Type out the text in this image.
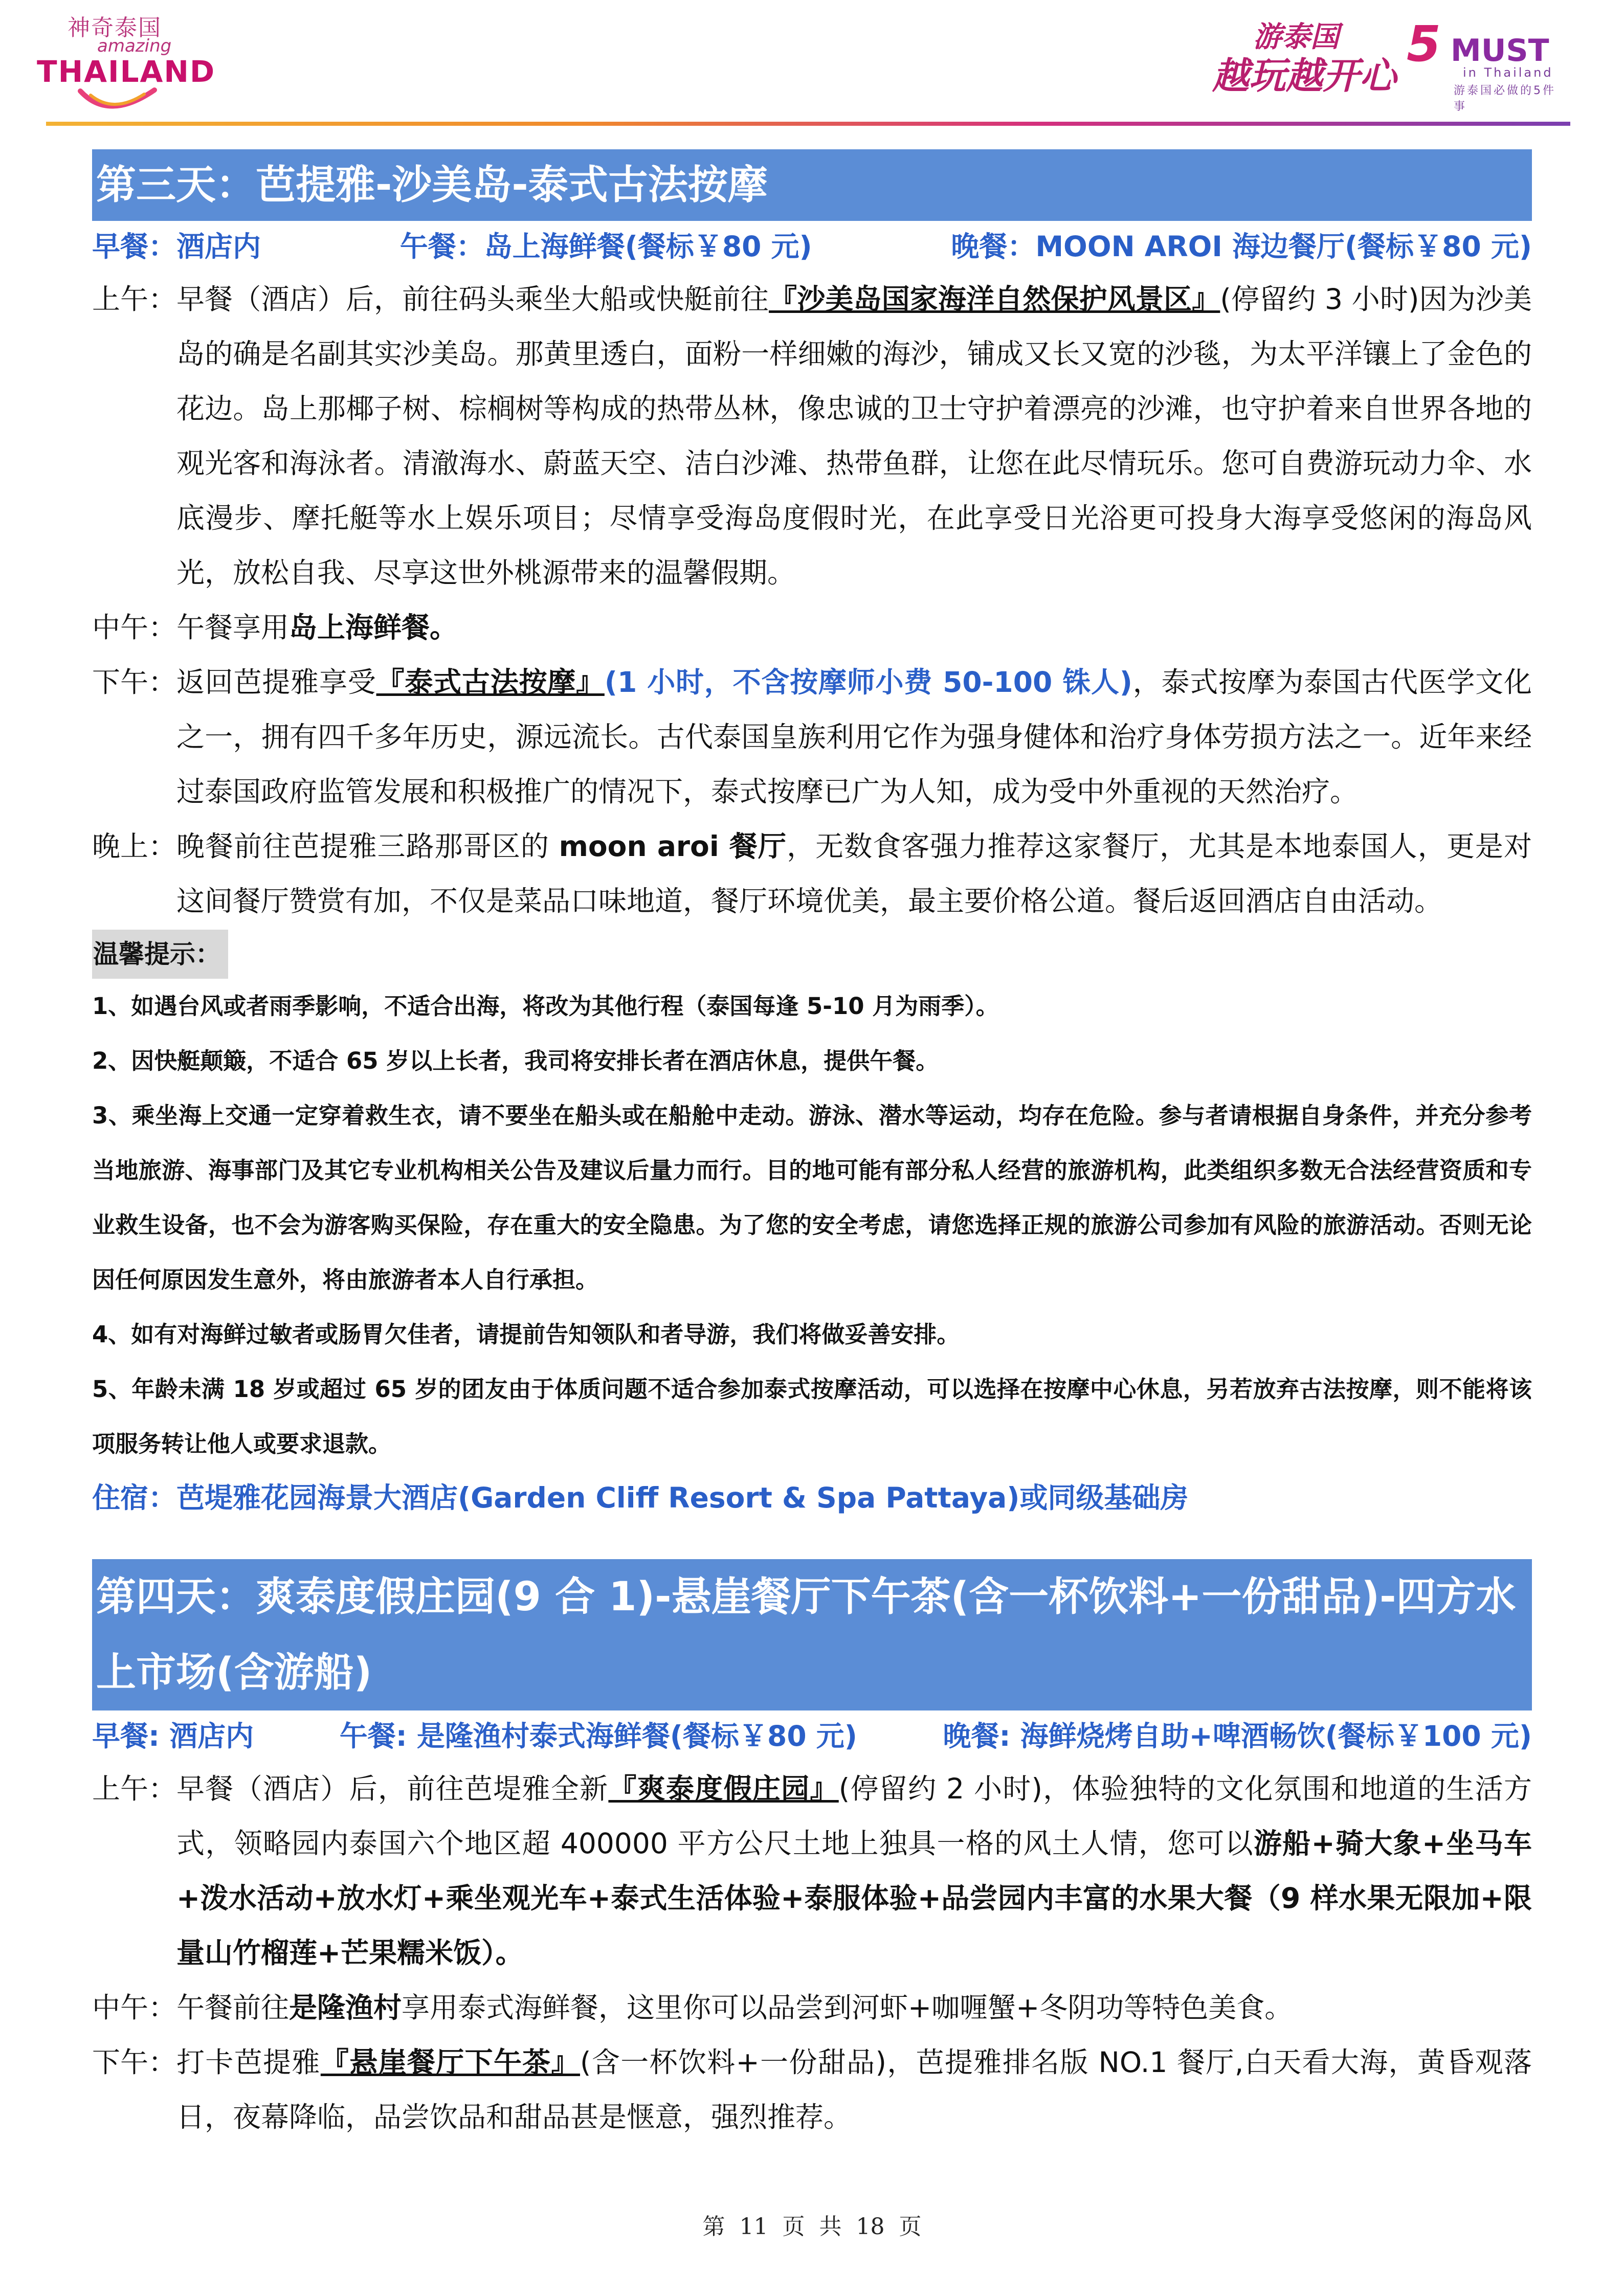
神奇泰国
amazing
THAILAND
游泰国
越玩越开心
5 MUST
in Thailand
游泰国必做的5件事
第三天：芭提雅-沙美岛-泰式古法按摩
早餐：酒店内	午餐：岛上海鲜餐(餐标￥80 元)	晚餐：MOON AROI 海边餐厅(餐标￥80 元)
上午： 早餐（酒店）后，前往码头乘坐大船或快艇前往『沙美岛国家海洋自然保护风景区』(停留约 3 小时)因为沙美岛的确是名副其实沙美岛。那黄里透白，面粉一样细嫩的海沙，铺成又长又宽的沙毯，为太平洋镶上了金色的花边。岛上那椰子树、棕榈树等构成的热带丛林，像忠诚的卫士守护着漂亮的沙滩，也守护着来自世界各地的观光客和海泳者。清澈海水、蔚蓝天空、洁白沙滩、热带鱼群，让您在此尽情玩乐。您可自费游玩动力伞、水底漫步、摩托艇等水上娱乐项目；尽情享受海岛度假时光，在此享受日光浴更可投身大海享受悠闲的海岛风光，放松自我、尽享这世外桃源带来的温馨假期。
中午： 午餐享用岛上海鲜餐。
下午： 返回芭提雅享受『泰式古法按摩』(1 小时，不含按摩师小费 50-100 铢人)，泰式按摩为泰国古代医学文化之一，拥有四千多年历史，源远流长。古代泰国皇族利用它作为强身健体和治疗身体劳损方法之一。近年来经过泰国政府监管发展和积极推广的情况下，泰式按摩已广为人知，成为受中外重视的天然治疗。
晚上： 晚餐前往芭提雅三路那哥区的 moon aroi 餐厅，无数食客强力推荐这家餐厅，尤其是本地泰国人，更是对这间餐厅赞赏有加，不仅是菜品口味地道，餐厅环境优美，最主要价格公道。餐后返回酒店自由活动。
温馨提示：
1、如遇台风或者雨季影响，不适合出海，将改为其他行程（泰国每逢 5-10 月为雨季）。
2、因快艇颠簸，不适合 65 岁以上长者，我司将安排长者在酒店休息，提供午餐。
3、乘坐海上交通一定穿着救生衣，请不要坐在船头或在船舱中走动。游泳、潜水等运动，均存在危险。参与者请根据自身条件，并充分参考当地旅游、海事部门及其它专业机构相关公告及建议后量力而行。目的地可能有部分私人经营的旅游机构，此类组织多数无合法经营资质和专业救生设备，也不会为游客购买保险，存在重大的安全隐患。为了您的安全考虑，请您选择正规的旅游公司参加有风险的旅游活动。否则无论因任何原因发生意外，将由旅游者本人自行承担。
4、如有对海鲜过敏者或肠胃欠佳者，请提前告知领队和者导游，我们将做妥善安排。
5、年龄未满 18 岁或超过 65 岁的团友由于体质问题不适合参加泰式按摩活动，可以选择在按摩中心休息，另若放弃古法按摩，则不能将该项服务转让他人或要求退款。
住宿：芭堤雅花园海景大酒店(Garden Cliff Resort & Spa Pattaya)或同级基础房
第四天：爽泰度假庄园(9 合 1)-悬崖餐厅下午茶(含一杯饮料+一份甜品)-四方水上市场(含游船)
早餐: 酒店内	午餐: 是隆渔村泰式海鲜餐(餐标￥80 元)	晚餐: 海鲜烧烤自助+啤酒畅饮(餐标￥100 元)
上午： 早餐（酒店）后，前往芭堤雅全新『爽泰度假庄园』(停留约 2 小时)，体验独特的文化氛围和地道的生活方式，领略园内泰国六个地区超 400000 平方公尺土地上独具一格的风土人情，您可以游船+骑大象+坐马车+泼水活动+放水灯+乘坐观光车+泰式生活体验+泰服体验+品尝园内丰富的水果大餐（9 样水果无限加+限量山竹榴莲+芒果糯米饭）。
中午： 午餐前往是隆渔村享用泰式海鲜餐，这里你可以品尝到河虾+咖喱蟹+冬阴功等特色美食。
下午： 打卡芭提雅『悬崖餐厅下午茶』(含一杯饮料+一份甜品)，芭提雅排名版 NO.1 餐厅,白天看大海，黄昏观落日，夜幕降临，品尝饮品和甜品甚是惬意，强烈推荐。
第 11 页 共 18 页
